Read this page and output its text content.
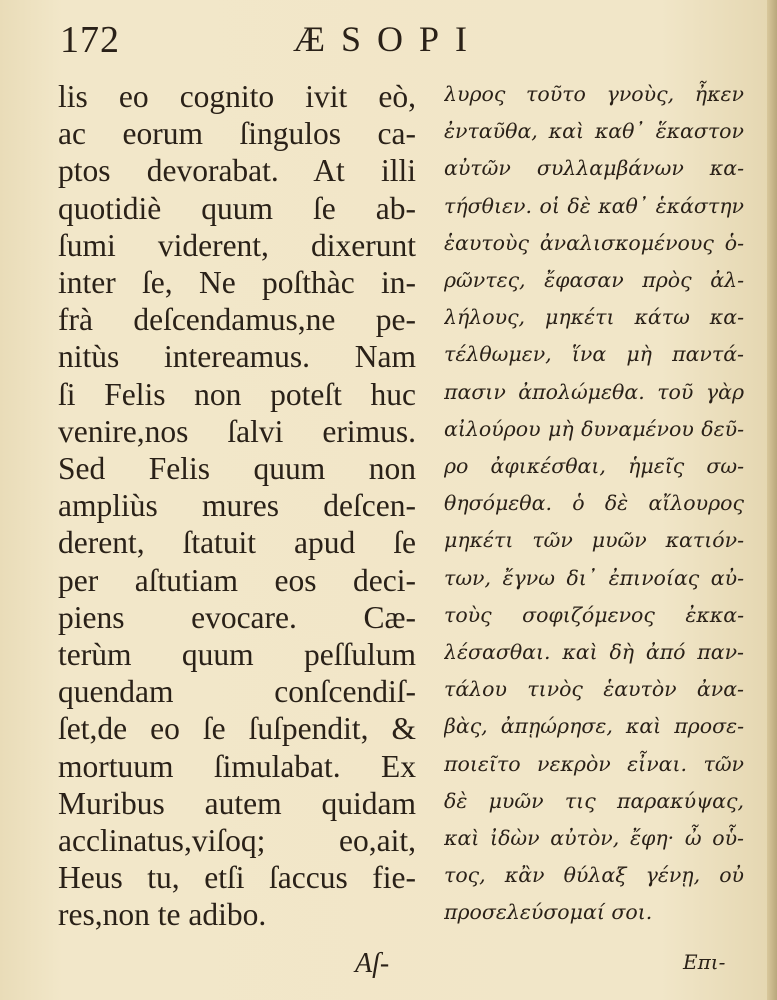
172	ÆSOPI
lis eo cognito ivit eò,
ac eorum ſingulos ca-
ptos devorabat. At illi
quotidiè quum ſe ab-
ſumi viderent, dixerunt
inter ſe, Ne poſthàc in-
frà deſcendamus,ne pe-
nitùs intereamus. Nam
ſi Felis non poteſt huc
venire,nos ſalvi erimus.
Sed Felis quum non
ampliùs mures deſcen-
derent, ſtatuit apud ſe
per aſtutiam eos deci-
piens evocare. Cæ-
terùm quum peſſulum
quendam conſcendiſ-
ſet,de eo ſe ſuſpendit, &
mortuum ſimulabat. Ex
Muribus autem quidam
acclinatus,viſoq; eo,ait,
Heus tu, etſi ſaccus fie-
res,non te adibo.
λυρος τοῦτο γνοὺς, ἦκεν
ἐνταῦθα, καὶ καθ᾽ ἕκαστον
αὐτῶν συλλαμβάνων κα-
τήσθιεν. οἱ δὲ καθ᾽ ἑκάστην
ἑαυτοὺς ἀναλισκομένους ὁ-
ρῶντες, ἔφασαν πρὸς ἀλ-
λήλους, μηκέτι κάτω κα-
τέλθωμεν, ἵνα μὴ παντά-
πασιν ἀπολώμεθα. τοῦ γὰρ
αἰλούρου μὴ δυναμένου δεῦ-
ρο ἀφικέσθαι, ἡμεῖς σω-
θησόμεθα. ὁ δὲ αἴλουρος
μηκέτι τῶν μυῶν κατιόν-
των, ἔγνω δι᾽ ἐπινοίας αὐ-
τοὺς σοφιζόμενος ἐκκα-
λέσασθαι. καὶ δὴ ἀπό παν-
τάλου τινὸς ἑαυτὸν ἀνα-
βὰς, ἀπῃώρησε, καὶ προσε-
ποιεῖτο νεκρὸν εἶναι. τῶν
δὲ μυῶν τις παρακύψας,
καὶ ἰδὼν αὐτὸν, ἔφη· ὦ οὗ-
τος, κἂν θύλαξ γένῃ, οὐ
προσελεύσομαί σοι.
Aſ-	Επι-
